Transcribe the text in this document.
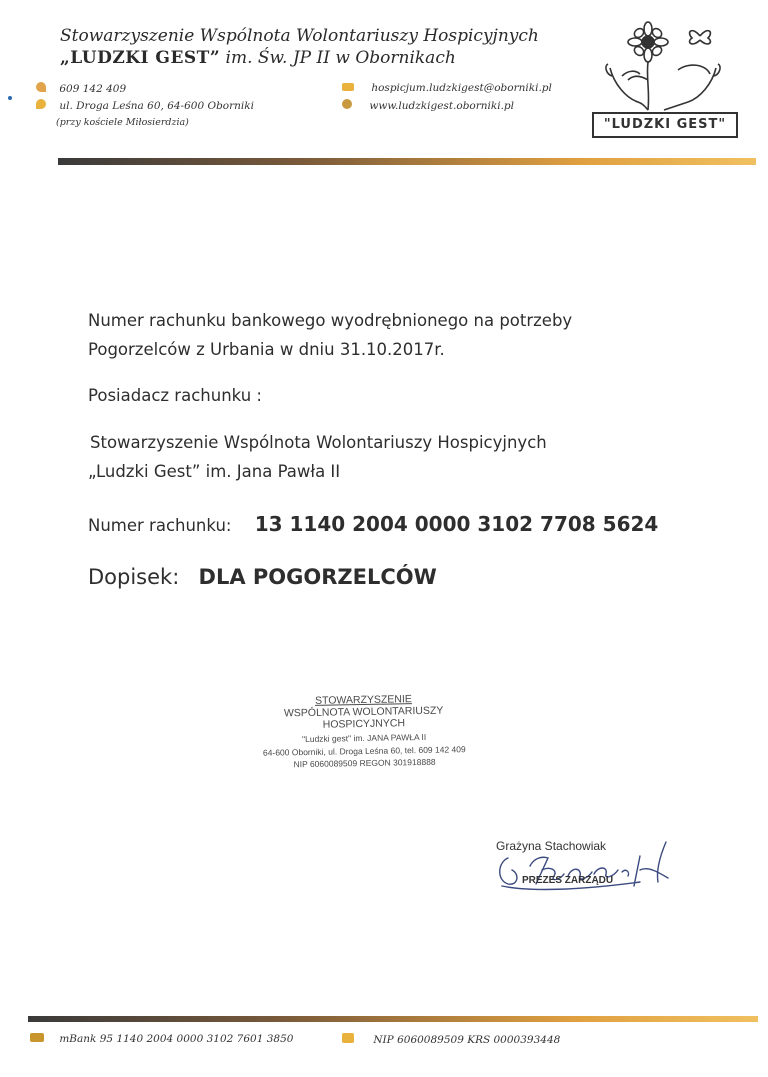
Stowarzyszenie Wspólnota Wolontariuszy Hospicyjnych
„LUDZKI GEST” im. Św. JP II w Obornikach
609 142 409
ul. Droga Leśna 60, 64-600 Oborniki
(przy kościele Miłosierdzia)
hospicjum.ludzkigest@oborniki.pl
www.ludzkigest.oborniki.pl
"LUDZKI GEST"
Numer rachunku bankowego wyodrębnionego na potrzeby
Pogorzelców z Urbania w dniu 31.10.2017r.
Posiadacz rachunku :
Stowarzyszenie Wspólnota Wolontariuszy Hospicyjnych
„Ludzki Gest” im. Jana Pawła II
Numer rachunku: 13 1140 2004 0000 3102 7708 5624
Dopisek: DLA POGORZELCÓW
STOWARZYSZENIE
WSPÓLNOTA WOLONTARIUSZY
HOSPICYJNYCH
"Ludzki gest" im. JANA PAWŁA II
64-600 Oborniki, ul. Droga Leśna 60, tel. 609 142 409
NIP 6060089509 REGON 301918888
Grażyna Stachowiak
PREZES ZARZĄDU
mBank 95 1140 2004 0000 3102 7601 3850	NIP 6060089509 KRS 0000393448
